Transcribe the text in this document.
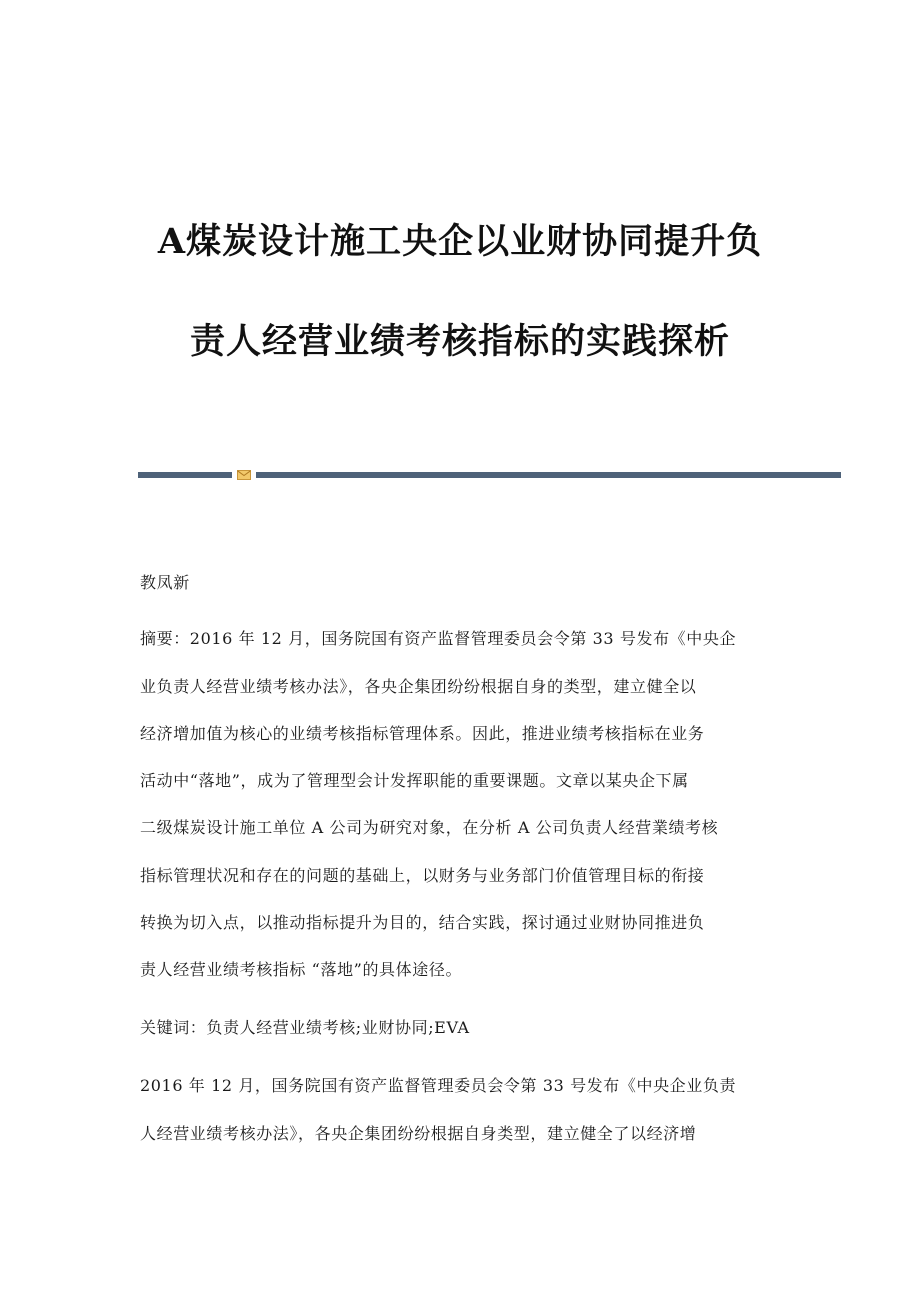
A煤炭设计施工央企以业财协同提升负
责人经营业绩考核指标的实践探析
教凤新
摘要：2016 年 12 月，国务院国有资产监督管理委员会令第 33 号发布《中央企
业负责人经营业绩考核办法》，各央企集团纷纷根据自身的类型，建立健全以
经济增加值为核心的业绩考核指标管理体系。因此，推进业绩考核指标在业务
活动中“落地”，成为了管理型会计发挥职能的重要课题。文章以某央企下属
二级煤炭设计施工单位 A 公司为研究对象，在分析 A 公司负责人经营業绩考核
指标管理状况和存在的问题的基础上，以财务与业务部门价值管理目标的衔接
转换为切入点，以推动指标提升为目的，结合实践，探讨通过业财协同推进负
责人经营业绩考核指标 “落地”的具体途径。
关键词：负责人经营业绩考核;业财协同;EVA
2016 年 12 月，国务院国有资产监督管理委员会令第 33 号发布《中央企业负责
人经营业绩考核办法》，各央企集团纷纷根据自身类型，建立健全了以经济增
